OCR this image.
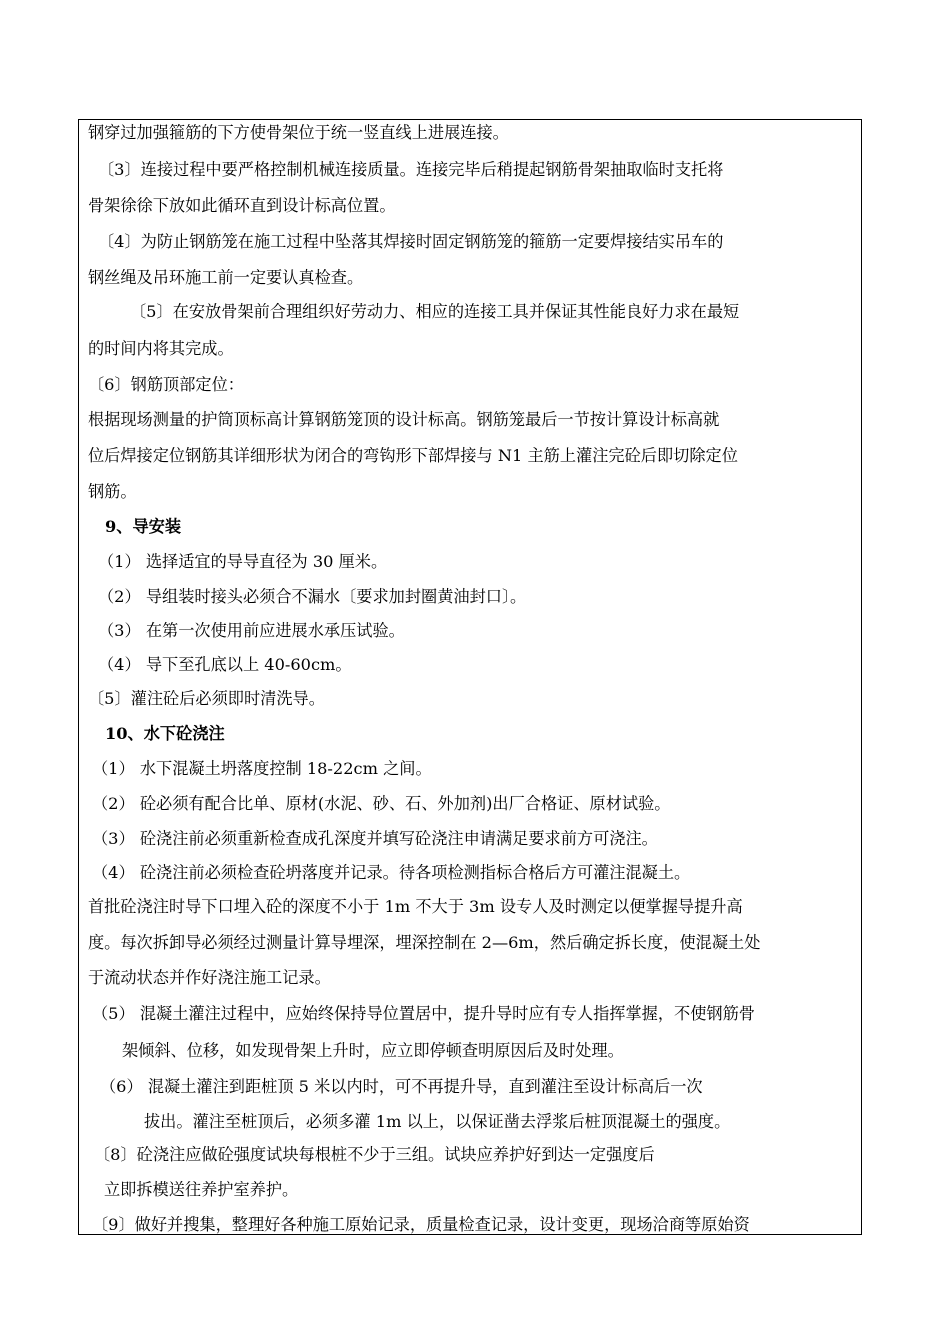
钢穿过加强箍筋的下方使骨架位于统一竖直线上进展连接。
〔3〕连接过程中要严格控制机械连接质量。连接完毕后稍提起钢筋骨架抽取临时支托将
骨架徐徐下放如此循环直到设计标高位置。
〔4〕为防止钢筋笼在施工过程中坠落其焊接时固定钢筋笼的箍筋一定要焊接结实吊车的
钢丝绳及吊环施工前一定要认真检查。
〔5〕在安放骨架前合理组织好劳动力、相应的连接工具并保证其性能良好力求在最短
的时间内将其完成。
〔6〕钢筋顶部定位：
根据现场测量的护筒顶标高计算钢筋笼顶的设计标高。钢筋笼最后一节按计算设计标高就
位后焊接定位钢筋其详细形状为闭合的弯钩形下部焊接与 N1 主筋上灌注完砼后即切除定位
钢筋。
9、导安装
（1） 选择适宜的导导直径为 30 厘米。
（2） 导组装时接头必须合不漏水〔要求加封圈黄油封口〕。
（3） 在第一次使用前应进展水承压试验。
（4） 导下至孔底以上 40-60cm。
〔5〕灌注砼后必须即时清洗导。
10、水下砼浇注
（1） 水下混凝土坍落度控制 18-22cm 之间。
（2） 砼必须有配合比单、原材(水泥、砂、石、外加剂)出厂合格证、原材试验。
（3） 砼浇注前必须重新检查成孔深度并填写砼浇注申请满足要求前方可浇注。
（4） 砼浇注前必须检查砼坍落度并记录。待各项检测指标合格后方可灌注混凝土。
首批砼浇注时导下口埋入砼的深度不小于 1m 不大于 3m 设专人及时测定以便掌握导提升高
度。每次拆卸导必须经过测量计算导埋深，埋深控制在 2—6m，然后确定拆长度，使混凝土处
于流动状态并作好浇注施工记录。
（5） 混凝土灌注过程中，应始终保持导位置居中，提升导时应有专人指挥掌握，不使钢筋骨
架倾斜、位移，如发现骨架上升时，应立即停顿查明原因后及时处理。
（6） 混凝土灌注到距桩顶 5 米以内时，可不再提升导，直到灌注至设计标高后一次
拔出。灌注至桩顶后，必须多灌 1m 以上，以保证凿去浮浆后桩顶混凝土的强度。
〔8〕砼浇注应做砼强度试块每根桩不少于三组。试块应养护好到达一定强度后
立即拆模送往养护室养护。
〔9〕做好并搜集，整理好各种施工原始记录，质量检查记录，设计变更，现场洽商等原始资
